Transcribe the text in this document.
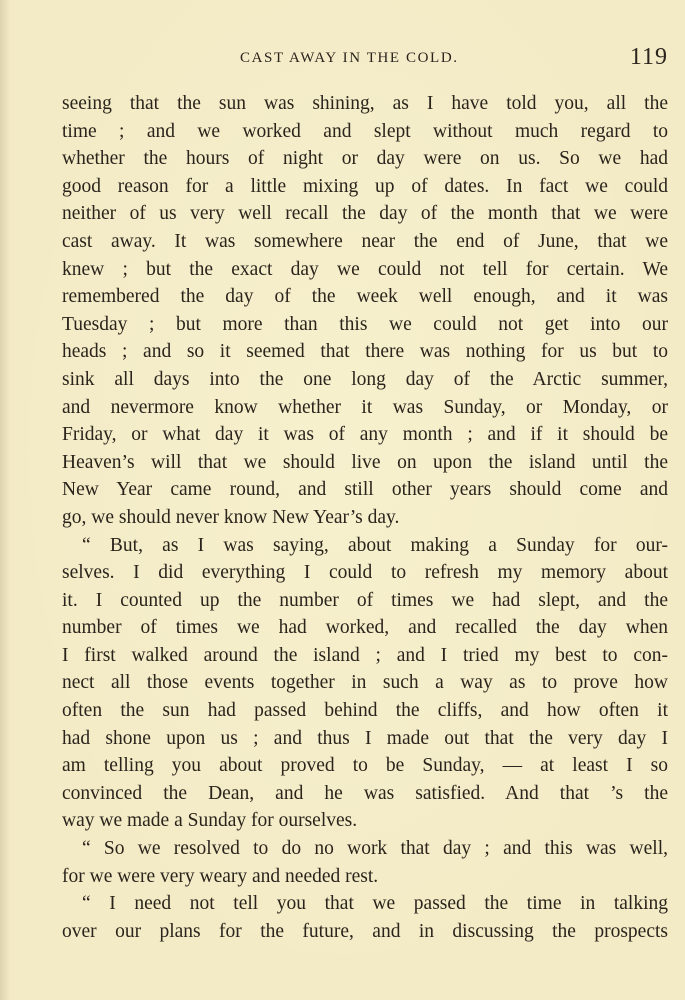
CAST AWAY IN THE COLD.	119
seeing that the sun was shining, as I have told you, all the
time ; and we worked and slept without much regard to
whether the hours of night or day were on us. So we had
good reason for a little mixing up of dates. In fact we could
neither of us very well recall the day of the month that we were
cast away. It was somewhere near the end of June, that we
knew ; but the exact day we could not tell for certain. We
remembered the day of the week well enough, and it was
Tuesday ; but more than this we could not get into our
heads ; and so it seemed that there was nothing for us but to
sink all days into the one long day of the Arctic summer,
and nevermore know whether it was Sunday, or Monday, or
Friday, or what day it was of any month ; and if it should be
Heaven’s will that we should live on upon the island until the
New Year came round, and still other years should come and
go, we should never know New Year’s day.
“ But, as I was saying, about making a Sunday for our-
selves. I did everything I could to refresh my memory about
it. I counted up the number of times we had slept, and the
number of times we had worked, and recalled the day when
I first walked around the island ; and I tried my best to con-
nect all those events together in such a way as to prove how
often the sun had passed behind the cliffs, and how often it
had shone upon us ; and thus I made out that the very day I
am telling you about proved to be Sunday, — at least I so
convinced the Dean, and he was satisfied. And that ’s the
way we made a Sunday for ourselves.
“ So we resolved to do no work that day ; and this was well,
for we were very weary and needed rest.
“ I need not tell you that we passed the time in talking
over our plans for the future, and in discussing the prospects
